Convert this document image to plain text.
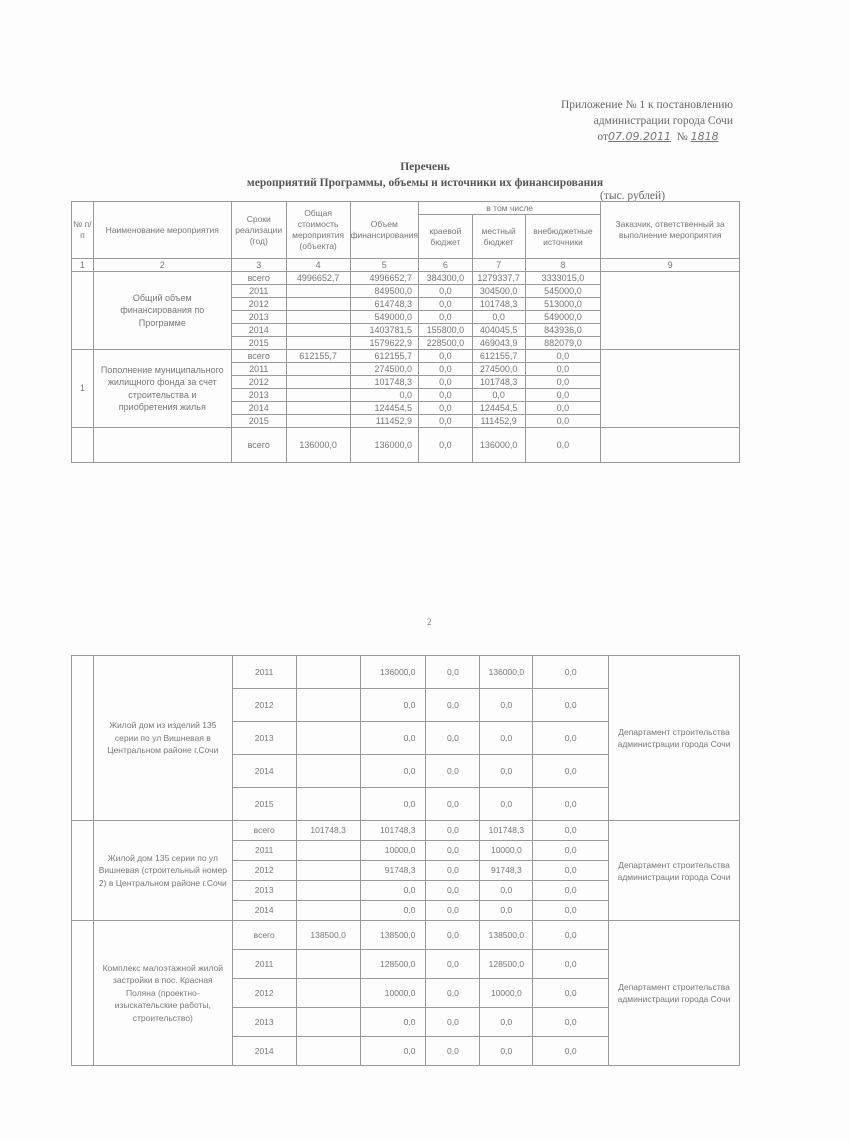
Приложение № 1 к постановлению
администрации города Сочи
от07.09.2011 № 1818
Перечень
мероприятий Программы, объемы и источники их финансирования
(тыс. рублей)
№ п/п	Наименование мероприятия	Сроки реализации (год)	Общая стоимость мероприятия (объекта)	Объем финансирования	в том числе			Заказчик, ответственный за выполнение мероприятия
					краевой бюджет	местный бюджет	внебюджетные источники	
1	2	3	4	5	6	7	8	9
	Общий объем финансирования по Программе	всего	4996652,7	4996652,7	384300,0	1279337,7	3333015,0	
		2011		849500,0	0,0	304500,0	545000,0	
		2012		614748,3	0,0	101748,3	513000,0	
		2013		549000,0	0,0	0,0	549000,0	
		2014		1403781,5	155800,0	404045,5	843936,0	
		2015		1579622,9	228500,0	469043,9	882079,0	
1	Пополнение муниципального жилищного фонда за счет строительства и приобретения жилья	всего	612155,7	612155,7	0,0	612155,7	0,0	
		2011		274500,0	0,0	274500,0	0,0	
		2012		101748,3	0,0	101748,3	0,0	
		2013		0,0	0,0	0,0	0,0	
		2014		124454,5	0,0	124454,5	0,0	
		2015		111452,9	0,0	111452,9	0,0	
		всего	136000,0	136000,0	0,0	136000,0	0,0	
2
	Жилой дом из изделий 135 серии по ул Вишневая в Центральном районе г.Сочи	2011		136000,0	0,0	136000,0	0,0	Департамент строительства администрации города Сочи
		2012		0,0	0,0	0,0	0,0	
		2013		0,0	0,0	0,0	0,0	
		2014		0,0	0,0	0,0	0,0	
		2015		0,0	0,0	0,0	0,0	
	Жилой дом 135 серии по ул Вишневая (строительный номер 2) в Центральном районе г.Сочи	всего	101748,3	101748,3	0,0	101748,3	0,0	Департамент строительства администрации города Сочи
		2011		10000,0	0,0	10000,0	0,0	
		2012		91748,3	0,0	91748,3	0,0	
		2013		0,0	0,0	0,0	0,0	
		2014		0,0	0,0	0,0	0,0	
	Комплекс малоэтажной жилой застройки в пос. Красная Поляна (проектно-изыскательские работы, строительство)	всего	138500,0	138500,0	0,0	138500,0	0,0	Департамент строительства администрации города Сочи
		2011		128500,0	0,0	128500,0	0,0	
		2012		10000,0	0,0	10000,0	0,0	
		2013		0,0	0,0	0,0	0,0	
		2014		0,0	0,0	0,0	0,0	
